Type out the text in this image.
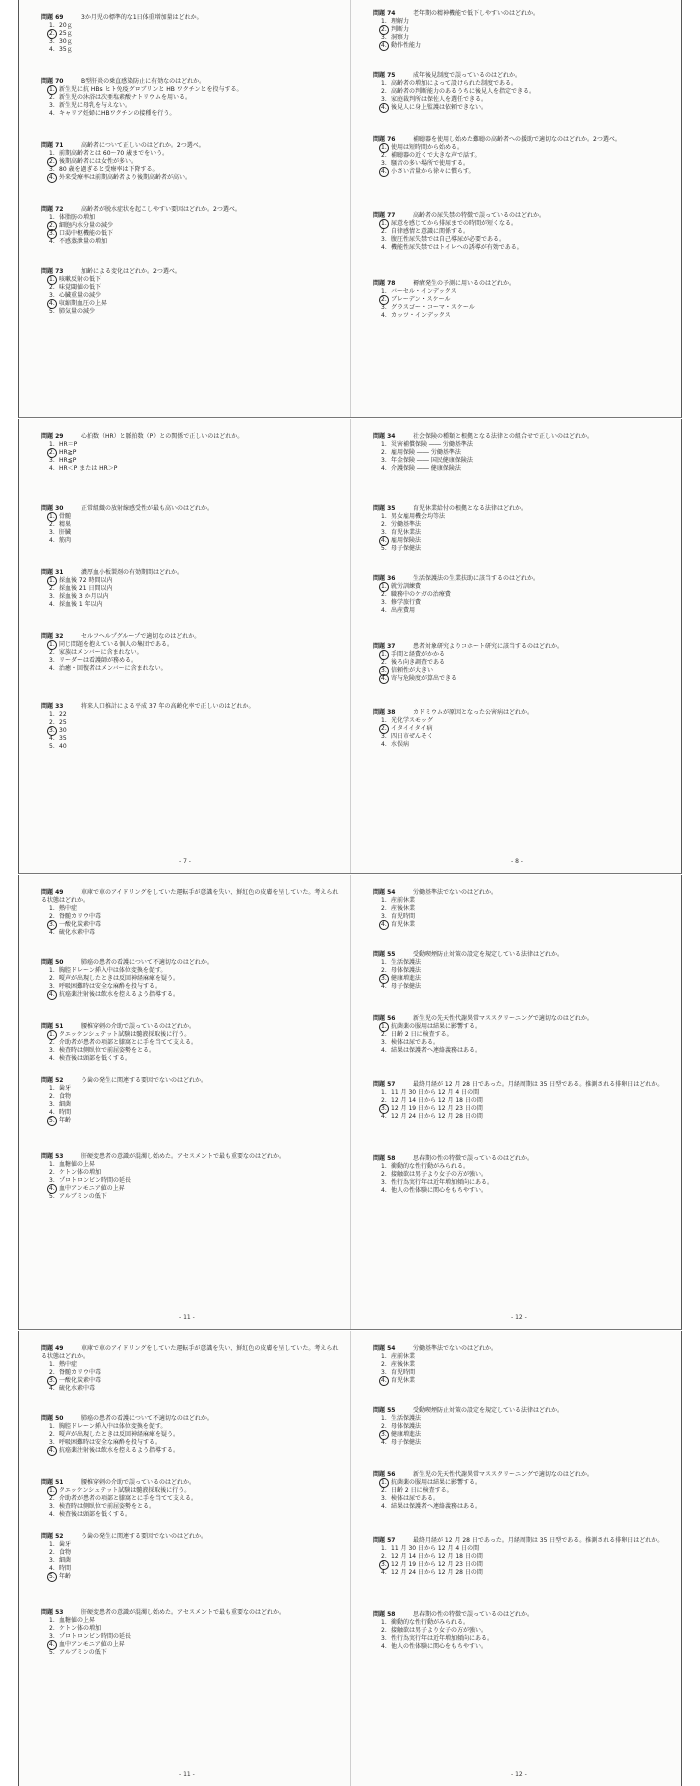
問題 69	3か月児の標準的な1日体重増加量はどれか。
1. 20ｇ
2. 25ｇ
3. 30ｇ
4. 35ｇ
問題 70	B型肝炎の乗直感染防止に有効なのはどれか。
1. 新生児に抗 HBs ヒト免疫グロブリンと HB ワクチンとを投与する。
2. 新生児の沐浴は次亜塩素酸ナトリウムを用いる。
3. 新生児に母乳を与えない。
4. キャリア妊婦にHBワクチンの接種を行う。
問題 71	高齢者について正しいのはどれか。2つ選べ。
1. 前期高齢者とは 60～70 歳までをいう。
2. 後期高齢者には女性が多い。
3. 80 歳を過ぎると受療率は下降する。
4. 外来受療率は前期高齢者より後期高齢者が高い。
問題 72	高齢者が脱水症状を起こしやすい要因はどれか。2つ選べ。
1. 体脂肪の増加
2. 細胞内水分量の減少
3. 口渇中枢機能の低下
4. 不感蒸泄量の増加
問題 73	加齢による変化はどれか。2つ選べ。
1. 咳嗽反射の低下
2. 味覚閾値の低下
3. 心臓重量の減少
4. 収縮期血圧の上昇
5. 肺気量の減少
問題 74	老年期の精神機能で低下しやすいのはどれか。
1. 理解力
2. 判断力
3. 洞察力
4. 動作性能力
問題 75	成年後見制度で誤っているのはどれか。
1. 高齢者の増加によって設けられた制度である。
2. 高齢者の判断能力のあるうちに後見人を指定できる。
3. 家庭裁判所は保佐人を選任できる。
4. 後見人に身上監護は依頼できない。
問題 76	補聴器を使用し始めた難聴の高齢者への援助で適切なのはどれか。2つ選べ。
1. 使用は短時間から始める。
2. 補聴器の近くで大きな声で話す。
3. 騒音の多い場所で使用する。
4. 小さい音量から徐々に慣らす。
問題 77	高齢者の尿失禁の特徴で誤っているのはどれか。
1. 尿意を感じてから排尿までの時間が短くなる。
2. 自律感情と意識に関係する。
3. 腹圧性尿失禁では自己導尿が必要である。
4. 機能性尿失禁ではトイレへの誘導が有効である。
問題 78	褥瘡発生の予測に用いるのはどれか。
1. バーセル・インデックス
2. ブレーデン・スケール
3. グラスゴー・コーマ・スケール
4. カッツ・インデックス
問題 29	心拍数（HR）と脈拍数（P）との関係で正しいのはどれか。
1. HR＝P
2. HR≧P
3. HR≦P
4. HR＜P または HR＞P
問題 30	正常組織の放射線感受性が最も高いのはどれか。
1. 骨髄
2. 精巣
3. 肝臓
4. 筋肉
問題 31	濃厚血小板製剤の有効期間はどれか。
1. 採血後 72 時間以内
2. 採血後 21 日間以内
3. 採血後 3 か月以内
4. 採血後 1 年以内
問題 32	セルフヘルプグループで適切なのはどれか。
1. 同じ問題を抱えている個人の集団である。
2. 家族はメンバーに含まれない。
3. リーダーは看護師が務める。
4. 治癒・回復者はメンバーに含まれない。
問題 33	将来人口推計による平成 37 年の高齢化率で正しいのはどれか。
1. 22
2. 25
3. 30
4. 35
5. 40
問題 34	社会保険の種類と根拠となる法律との組合せで正しいのはどれか。
1. 災害補償保険 ―― 労働基準法
2. 雇用保険 ―― 労働基準法
3. 年金保険 ―― 国民健康保険法
4. 介護保険 ―― 健康保険法
問題 35	育児休業給付の根拠となる法律はどれか。
1. 男女雇用機会均等法
2. 労働基準法
3. 育児休業法
4. 雇用保険法
5. 母子保健法
問題 36	生活保護法の生業扶助に該当するのはどれか。
1. 就労訓練費
2. 職務中のケガの治療費
3. 修学旅行費
4. 出産費用
問題 37	患者対象研究よりコホート研究に該当するのはどれか。
1. 手間と経費がかかる
2. 後ろ向き調査である
3. 信頼性が大きい
4. 寄与危険度が算出できる
問題 38	カドミウムが原因となった公害病はどれか。
1. 光化学スモッグ
2. イタイイタイ病
3. 四日市ぜんそく
4. 水俣病
- 7 -	- 8 -
問題 49	車庫で車のアイドリングをしていた運転手が意識を失い、鮮紅色の皮膚を呈していた。考えられる状態はどれか。
1. 熱中症
2. 脊髄カリウ中毒
3. 一酸化炭素中毒
4. 硫化水素中毒
問題 50	肺癌の患者の看護について不適切なのはどれか。
1. 胸腔ドレーン挿入中は体位変換を促す。
2. 嗄声が出現したときは反回神経麻痺を疑う。
3. 呼吸困難時は安全な麻酔を投与する。
4. 抗癌薬注射後は飲水を控えるよう指導する。
問題 51	腰椎穿刺の介助で誤っているのはどれか。
1. クエッケンシュテット試験は髄液採取後に行う。
2. 介助者が患者の項部と膝窩とに手を当てて支える。
3. 検査時は側臥位で前屈姿勢をとる。
4. 検査後は頭部を低くする。
問題 52	う歯の発生に関連する要因でないのはどれか。
1. 歯牙
2. 食物
3. 細菌
4. 時間
5. 年齢
問題 53	肝硬変患者の意識が混濁し始めた。アセスメントで最も重要なのはどれか。
1. 血糖値の上昇
2. ケトン体の増加
3. プロトロンビン時間の延長
4. 血中アンモニア値の上昇
5. アルブミンの低下
問題 54	労働基準法でないのはどれか。
1. 産前休業
2. 産後休業
3. 育児時間
4. 育児休業
問題 55	受動喫煙防止対策の設定を規定している法律はどれか。
1. 生活保護法
2. 母体保護法
3. 健康増進法
4. 母子保健法
問題 56	新生児の先天性代謝異常マススクリーニングで適切なのはどれか。
1. 抗菌薬の服用は結果に影響する。
2. 日齢 2 日に検査する。
3. 検体は尿である。
4. 結果は保護者へ連絡義務はある。
問題 57	最終月経が 12 月 28 日であった。月経周期は 35 日型である。推測される排卵日はどれか。
1. 11 月 30 日から 12 月 4 日の間
2. 12 月 14 日から 12 月 18 日の間
3. 12 月 19 日から 12 月 23 日の間
4. 12 月 24 日から 12 月 28 日の間
問題 58	思春期の性の特徴で誤っているのはどれか。
1. 衝動的な性行動がみられる。
2. 接触欲は男子より女子の方が強い。
3. 性行為実行年は近年増加傾向にある。
4. 他人の性体験に関心をもちやすい。
- 11 -	- 12 -
問題 49	車庫で車のアイドリングをしていた運転手が意識を失い、鮮紅色の皮膚を呈していた。考えられる状態はどれか。
1. 熱中症
2. 脊髄カリウ中毒
3. 一酸化炭素中毒
4. 硫化水素中毒
問題 50	肺癌の患者の看護について不適切なのはどれか。
1. 胸腔ドレーン挿入中は体位変換を促す。
2. 嗄声が出現したときは反回神経麻痺を疑う。
3. 呼吸困難時は安全な麻酔を投与する。
4. 抗癌薬注射後は飲水を控えるよう指導する。
問題 51	腰椎穿刺の介助で誤っているのはどれか。
1. クエッケンシュテット試験は髄液採取後に行う。
2. 介助者が患者の項部と膝窩とに手を当てて支える。
3. 検査時は側臥位で前屈姿勢をとる。
4. 検査後は頭部を低くする。
問題 52	う歯の発生に関連する要因でないのはどれか。
1. 歯牙
2. 食物
3. 細菌
4. 時間
5. 年齢
問題 53	肝硬変患者の意識が混濁し始めた。アセスメントで最も重要なのはどれか。
1. 血糖値の上昇
2. ケトン体の増加
3. プロトロンビン時間の延長
4. 血中アンモニア値の上昇
5. アルブミンの低下
問題 54	労働基準法でないのはどれか。
1. 産前休業
2. 産後休業
3. 育児時間
4. 育児休業
問題 55	受動喫煙防止対策の設定を規定している法律はどれか。
1. 生活保護法
2. 母体保護法
3. 健康増進法
4. 母子保健法
問題 56	新生児の先天性代謝異常マススクリーニングで適切なのはどれか。
1. 抗菌薬の服用は結果に影響する。
2. 日齢 2 日に検査する。
3. 検体は尿である。
4. 結果は保護者へ連絡義務はある。
問題 57	最終月経が 12 月 28 日であった。月経周期は 35 日型である。推測される排卵日はどれか。
1. 11 月 30 日から 12 月 4 日の間
2. 12 月 14 日から 12 月 18 日の間
3. 12 月 19 日から 12 月 23 日の間
4. 12 月 24 日から 12 月 28 日の間
問題 58	思春期の性の特徴で誤っているのはどれか。
1. 衝動的な性行動がみられる。
2. 接触欲は男子より女子の方が強い。
3. 性行為実行年は近年増加傾向にある。
4. 他人の性体験に関心をもちやすい。
- 11 -	- 12 -
